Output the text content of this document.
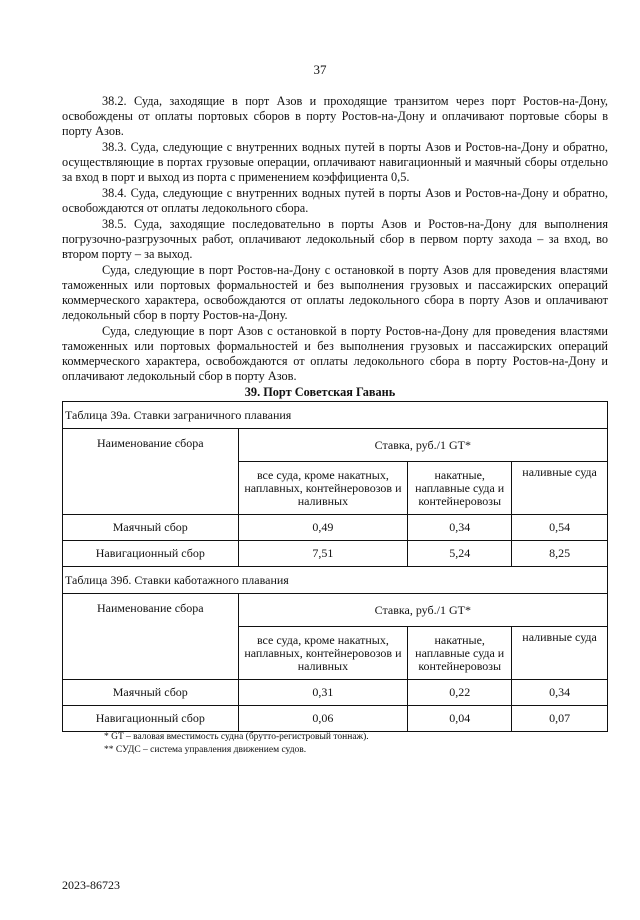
37

38.2. Суда, заходящие в порт Азов и проходящие транзитом через порт Ростов-на-Дону, освобождены от оплаты портовых сборов в порту Ростов-на-Дону и оплачивают портовые сборы в порту Азов.

38.3. Суда, следующие с внутренних водных путей в порты Азов и Ростов-на-Дону и обратно, осуществляющие в портах грузовые операции, оплачивают навигационный и маячный сборы отдельно за вход в порт и выход из порта с применением коэффициента 0,5.

38.4. Суда, следующие с внутренних водных путей в порты Азов и Ростов-на-Дону и обратно, освобождаются от оплаты ледокольного сбора.

38.5. Суда, заходящие последовательно в порты Азов и Ростов-на-Дону для выполнения погрузочно-разгрузочных работ, оплачивают ледокольный сбор в первом порту захода – за вход, во втором порту – за выход.

Суда, следующие в порт Ростов-на-Дону с остановкой в порту Азов для проведения властями таможенных или портовых формальностей и без выполнения грузовых и пассажирских операций коммерческого характера, освобождаются от оплаты ледокольного сбора в порту Азов и оплачивают ледокольный сбор в порту Ростов-на-Дону.

Суда, следующие в порт Азов с остановкой в порту Ростов-на-Дону для проведения властями таможенных или портовых формальностей и без выполнения грузовых и пассажирских операций коммерческого характера, освобождаются от оплаты ледокольного сбора в порту Ростов-на-Дону и оплачивают ледокольный сбор в порту Азов.

39. Порт Советская Гавань
Таблица 39а. Ставки заграничного плавания			
Наименование сбора	Ставка, руб./1 GT*		
	все суда, кроме накатных, наплавных, контейнеровозов и наливных	накатные, наплавные суда и контейнеровозы	наливные суда
Маячный сбор	0,49	0,34	0,54
Навигационный сбор	7,51	5,24	8,25
Таблица 39б. Ставки каботажного плавания			
Наименование сбора	Ставка, руб./1 GT*		
	все суда, кроме накатных, наплавных, контейнеровозов и наливных	накатные, наплавные суда и контейнеровозы	наливные суда
Маячный сбор	0,31	0,22	0,34
Навигационный сбор	0,06	0,04	0,07
* GT – валовая вместимость судна (брутто-регистровый тоннаж).
** СУДС – система управления движением судов.
2023-86723
